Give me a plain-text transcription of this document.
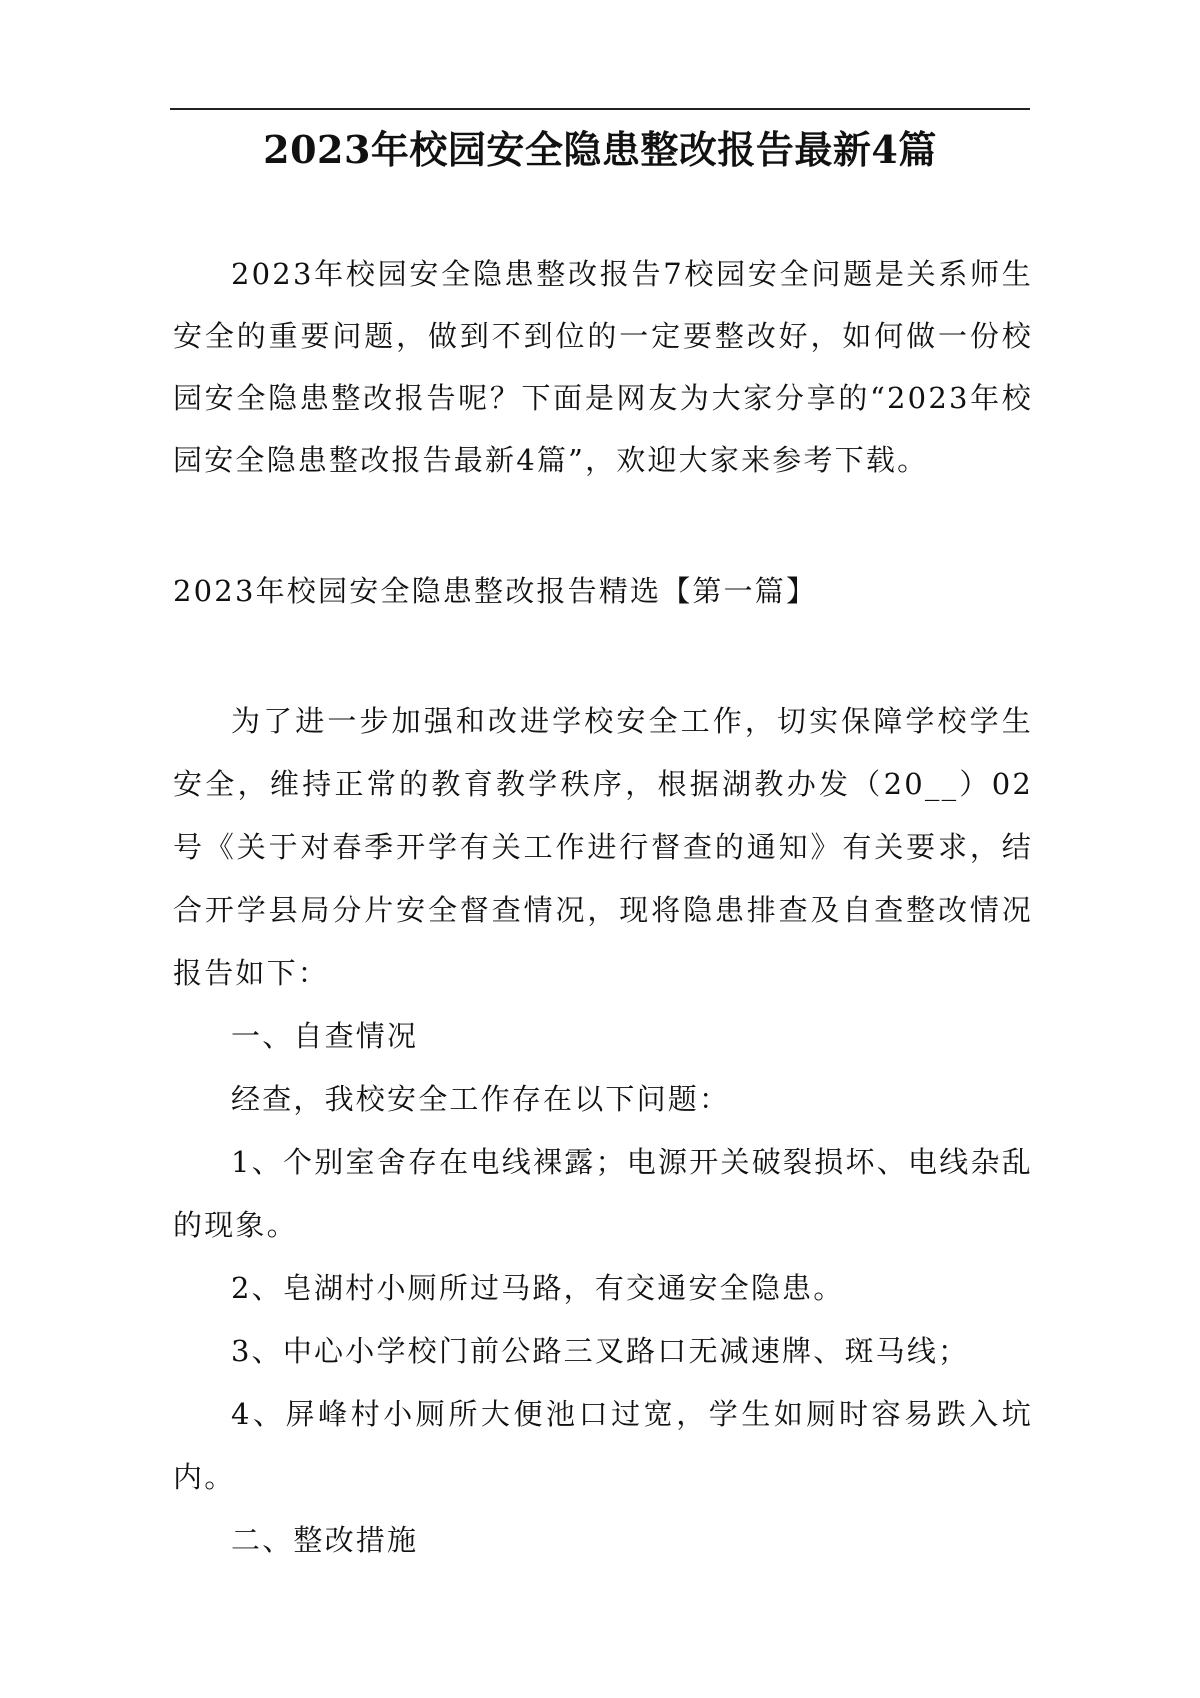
2023年校园安全隐患整改报告最新4篇

2023年校园安全隐患整改报告7校园安全问题是关系师生安全的重要问题，做到不到位的一定要整改好，如何做一份校园安全隐患整改报告呢？下面是网友为大家分享的“2023年校园安全隐患整改报告最新4篇”，欢迎大家来参考下载。

2023年校园安全隐患整改报告精选【第一篇】

为了进一步加强和改进学校安全工作，切实保障学校学生安全，维持正常的教育教学秩序，根据湖教办发（20__）02号《关于对春季开学有关工作进行督查的通知》有关要求，结合开学县局分片安全督查情况，现将隐患排查及自查整改情况报告如下：

一、自查情况

经查，我校安全工作存在以下问题：

1、个别室舍存在电线裸露；电源开关破裂损坏、电线杂乱的现象。

2、皂湖村小厕所过马路，有交通安全隐患。

3、中心小学校门前公路三叉路口无减速牌、斑马线；

4、屏峰村小厕所大便池口过宽，学生如厕时容易跌入坑内。

二、整改措施
